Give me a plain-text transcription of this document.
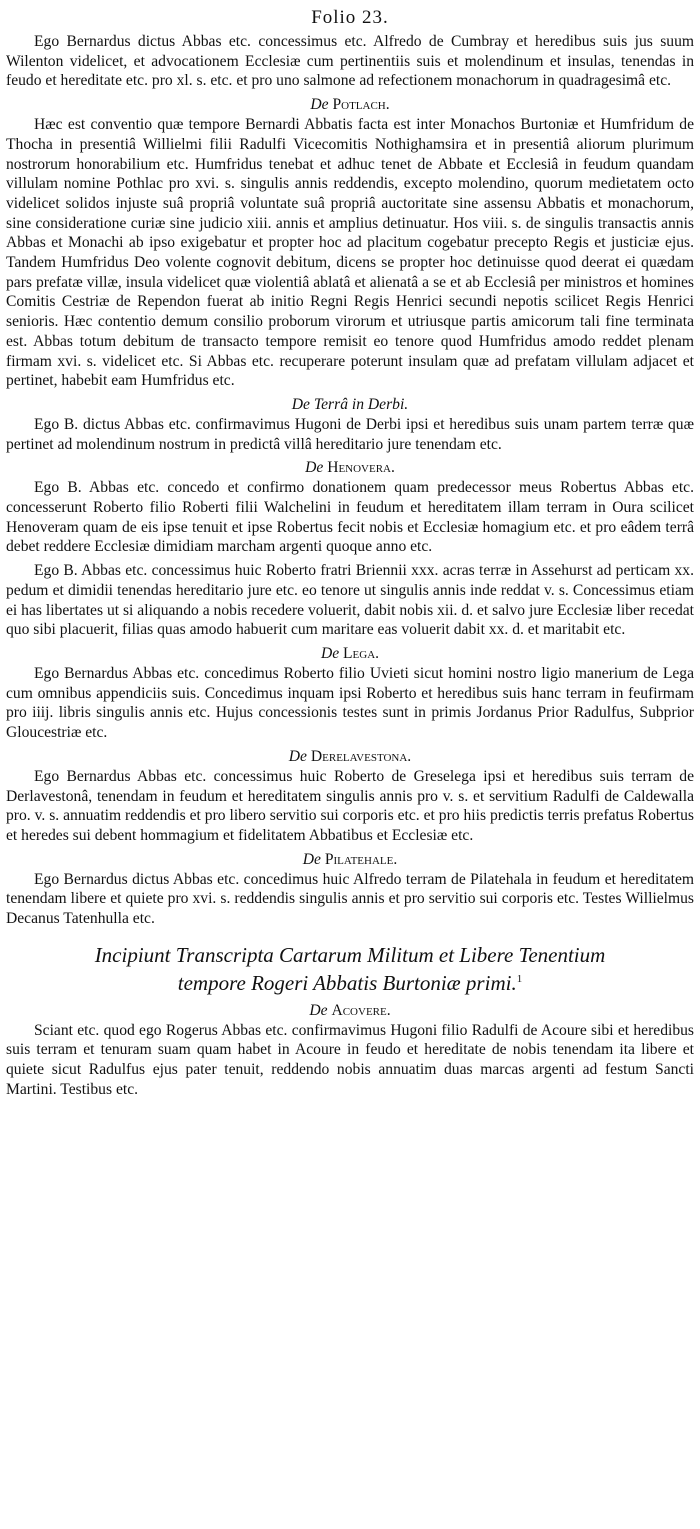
Folio 23.

Ego Bernardus dictus Abbas etc. concessimus etc. Alfredo de Cumbray et heredibus suis jus suum Wilenton videlicet, et advocationem Ecclesiæ cum pertinentiis suis et molendinum et insulas, tenendas in feudo et hereditate etc. pro xl. s. etc. et pro uno salmone ad refectionem monachorum in quadragesimâ etc.

De Potlach.

Hæc est conventio quæ tempore Bernardi Abbatis facta est inter Monachos Burtoniæ et Humfridum de Thocha in presentiâ Willielmi filii Radulfi Vicecomitis Nothighamsira et in presentiâ aliorum plurimum nostrorum honorabilium etc. Humfridus tenebat et adhuc tenet de Abbate et Ecclesiâ in feudum quandam villulam nomine Pothlac pro xvi. s. singulis annis reddendis, excepto molendino, quorum medietatem octo videlicet solidos injuste suâ propriâ voluntate suâ propriâ auctoritate sine assensu Abbatis et monachorum, sine consideratione curiæ sine judicio xiii. annis et amplius detinuatur. Hos viii. s. de singulis transactis annis Abbas et Monachi ab ipso exigebatur et propter hoc ad placitum cogebatur precepto Regis et justiciæ ejus. Tandem Humfridus Deo volente cognovit debitum, dicens se propter hoc detinuisse quod deerat ei quædam pars prefatæ villæ, insula videlicet quæ violentiâ ablatâ et alienatâ a se et ab Ecclesiâ per ministros et homines Comitis Cestriæ de Rependon fuerat ab initio Regni Regis Henrici secundi nepotis scilicet Regis Henrici senioris. Hæc contentio demum consilio proborum virorum et utriusque partis amicorum tali fine terminata est. Abbas totum debitum de transacto tempore remisit eo tenore quod Humfridus amodo reddet plenam firmam xvi. s. videlicet etc. Si Abbas etc. recuperare poterunt insulam quæ ad prefatam villulam adjacet et pertinet, habebit eam Humfridus etc.

De Terrâ in Derbi.

Ego B. dictus Abbas etc. confirmavimus Hugoni de Derbi ipsi et heredibus suis unam partem terræ quæ pertinet ad molendinum nostrum in predictâ villâ hereditario jure tenendam etc.

De Henovera.

Ego B. Abbas etc. concedo et confirmo donationem quam predecessor meus Robertus Abbas etc. concesserunt Roberto filio Roberti filii Walchelini in feudum et hereditatem illam terram in Oura scilicet Henoveram quam de eis ipse tenuit et ipse Robertus fecit nobis et Ecclesiæ homagium etc. et pro eâdem terrâ debet reddere Ecclesiæ dimidiam marcham argenti quoque anno etc.

Ego B. Abbas etc. concessimus huic Roberto fratri Briennii xxx. acras terræ in Assehurst ad perticam xx. pedum et dimidii tenendas hereditario jure etc. eo tenore ut singulis annis inde reddat v. s. Concessimus etiam ei has libertates ut si aliquando a nobis recedere voluerit, dabit nobis xii. d. et salvo jure Ecclesiæ liber recedat quo sibi placuerit, filias quas amodo habuerit cum maritare eas voluerit dabit xx. d. et maritabit etc.

De Lega.

Ego Bernardus Abbas etc. concedimus Roberto filio Uvieti sicut homini nostro ligio manerium de Lega cum omnibus appendiciis suis. Concedimus inquam ipsi Roberto et heredibus suis hanc terram in feufirmam pro iiij. libris singulis annis etc. Hujus concessionis testes sunt in primis Jordanus Prior Radulfus, Subprior Gloucestriæ etc.

De Derelavestona.

Ego Bernardus Abbas etc. concessimus huic Roberto de Greselega ipsi et heredibus suis terram de Derlavestonâ, tenendam in feudum et hereditatem singulis annis pro v. s. et servitium Radulfi de Caldewalla pro. v. s. annuatim reddendis et pro libero servitio sui corporis etc. et pro hiis predictis terris prefatus Robertus et heredes sui debent hommagium et fidelitatem Abbatibus et Ecclesiæ etc.

De Pilatehale.

Ego Bernardus dictus Abbas etc. concedimus huic Alfredo terram de Pilatehala in feudum et hereditatem tenendam libere et quiete pro xvi. s. reddendis singulis annis et pro servitio sui corporis etc. Testes Willielmus Decanus Tatenhulla etc.

Incipiunt Transcripta Cartarum Militum et Libere Tenentium
tempore Rogeri Abbatis Burtoniæ primi.$^1$
De Acovere.

Sciant etc. quod ego Rogerus Abbas etc. confirmavimus Hugoni filio Radulfi de Acoure sibi et heredibus suis terram et tenuram suam quam habet in Acoure in feudo et hereditate de nobis tenendam ita libere et quiete sicut Radulfus ejus pater tenuit, reddendo nobis annuatim duas marcas argenti ad festum Sancti Martini. Testibus etc.
